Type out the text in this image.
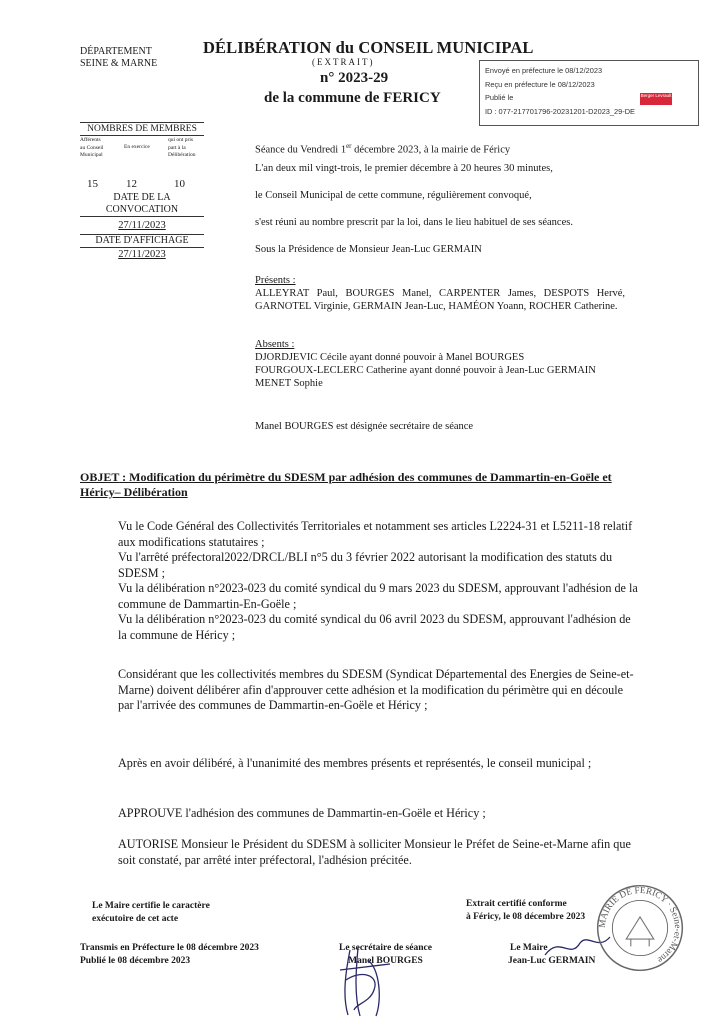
DÉPARTEMENT
SEINE & MARNE
DÉLIBÉRATION du CONSEIL MUNICIPAL
(EXTRAIT)
n° 2023-29
de la commune de FERICY
Envoyé en préfecture le 08/12/2023
Reçu en préfecture le 08/12/2023
Publié le
ID : 077-217701796-20231201-D2023_29-DE
Berger Levrault
NOMBRES DE MEMBRES
Afférents
au Conseil
Municipal
En exercice
qui ont pris
part à la
Délibération
15	12	10
DATE DE LA CONVOCATION
27/11/2023
DATE D'AFFICHAGE
27/11/2023
Séance du Vendredi 1er décembre 2023, à la mairie de Féricy
L'an deux mil vingt-trois, le premier décembre à 20 heures 30 minutes,
le Conseil Municipal de cette commune, régulièrement convoqué,
s'est réuni au nombre prescrit par la loi, dans le lieu habituel de ses séances.
Sous la Présidence de Monsieur Jean-Luc GERMAIN
Présents :
ALLEYRAT Paul, BOURGES Manel, CARPENTER James, DESPOTS Hervé, GARNOTEL Virginie, GERMAIN Jean-Luc, HAMÉON Yoann, ROCHER Catherine.
Absents :
DJORDJEVIC Cécile ayant donné pouvoir à Manel BOURGES
FOURGOUX-LECLERC Catherine ayant donné pouvoir à Jean-Luc GERMAIN
MENET Sophie
Manel BOURGES est désignée secrétaire de séance
OBJET : Modification du périmètre du SDESM par adhésion des communes de Dammartin-en-Goële et Héricy– Délibération

Vu le Code Général des Collectivités Territoriales et notamment ses articles L2224-31 et L5211-18 relatif aux modifications statutaires ;

Vu l'arrêté préfectoral2022/DRCL/BLI n°5 du 3 février 2022 autorisant la modification des statuts du SDESM ;

Vu la délibération n°2023-023 du comité syndical du 9 mars 2023 du SDESM, approuvant l'adhésion de la commune de Dammartin-En-Goële ;

Vu la délibération n°2023-023 du comité syndical du 06 avril 2023 du SDESM, approuvant l'adhésion de la commune de Héricy ;

Considérant que les collectivités membres du SDESM (Syndicat Départemental des Energies de Seine-et-Marne) doivent délibérer afin d'approuver cette adhésion et la modification du périmètre qui en découle par l'arrivée des communes de Dammartin-en-Goële et Héricy ;
Après en avoir délibéré, à l'unanimité des membres présents et représentés, le conseil municipal ;
APPROUVE l'adhésion des communes de Dammartin-en-Goële et Héricy ;
AUTORISE Monsieur le Président du SDESM à solliciter Monsieur le Préfet de Seine-et-Marne afin que soit constaté, par arrêté inter préfectoral, l'adhésion précitée.
Le Maire certifie le caractère
exécutoire de cet acte
Extrait certifié conforme
à Féricy, le 08 décembre 2023
Transmis en Préfecture le 08 décembre 2023
Publié le 08 décembre 2023
Le secrétaire de séance
Manel BOURGES
Le Maire
Jean-Luc GERMAIN
MAIRIE DE FÉRICY · Seine-et-Marne
